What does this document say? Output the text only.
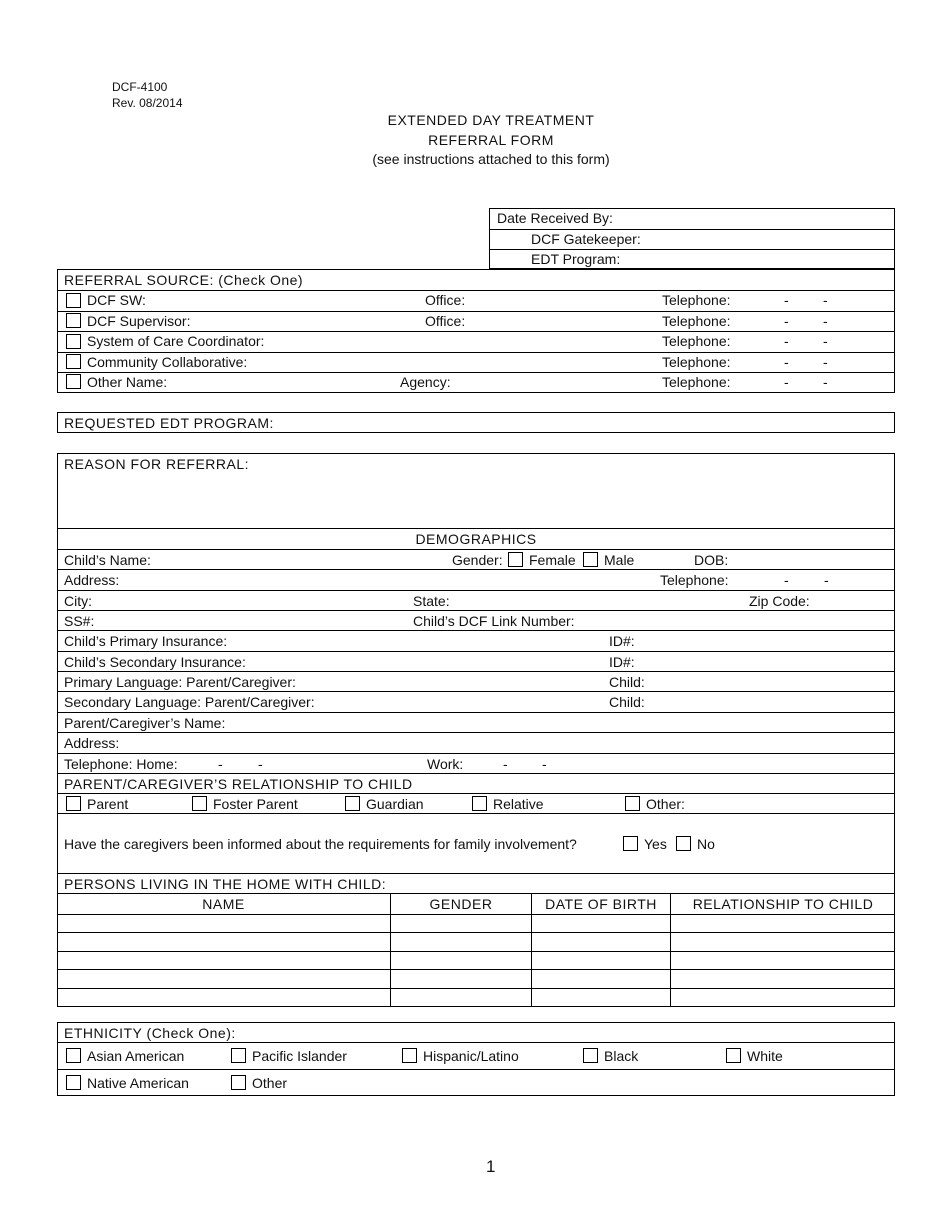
DCF-4100
Rev. 08/2014
EXTENDED DAY TREATMENT
REFERRAL FORM
(see instructions attached to this form)
Date Received By:
DCF Gatekeeper:
EDT Program:
REFERRAL SOURCE: (Check One)
DCF SW:	Office:	Telephone:	- -
DCF Supervisor:	Office:	Telephone:	- -
System of Care Coordinator:	Telephone:	- -
Community Collaborative:	Telephone:	- -
Other Name:	Agency:	Telephone:	- -
REQUESTED EDT PROGRAM:
REASON FOR REFERRAL:
DEMOGRAPHICS
Child’s Name:	Gender: Female Male	DOB:
Address:	Telephone:	-	-
City:	State:	Zip Code:
SS#:	Child’s DCF Link Number:
Child’s Primary Insurance:	ID#:
Child’s Secondary Insurance:	ID#:
Primary Language: Parent/Caregiver:	Child:
Secondary Language: Parent/Caregiver:	Child:
Parent/Caregiver’s Name:
Address:
Telephone: Home:	-	-	Work:	- -
PARENT/CAREGIVER’S RELATIONSHIP TO CHILD
Parent	Foster Parent	Guardian	Relative	Other:
Have the caregivers been informed about the requirements for family involvement?	Yes No
PERSONS LIVING IN THE HOME WITH CHILD:
NAME	GENDER	DATE OF BIRTH	RELATIONSHIP TO CHILD
ETHNICITY (Check One):
Asian American	Pacific Islander	Hispanic/Latino	Black	White
Native American	Other
1
